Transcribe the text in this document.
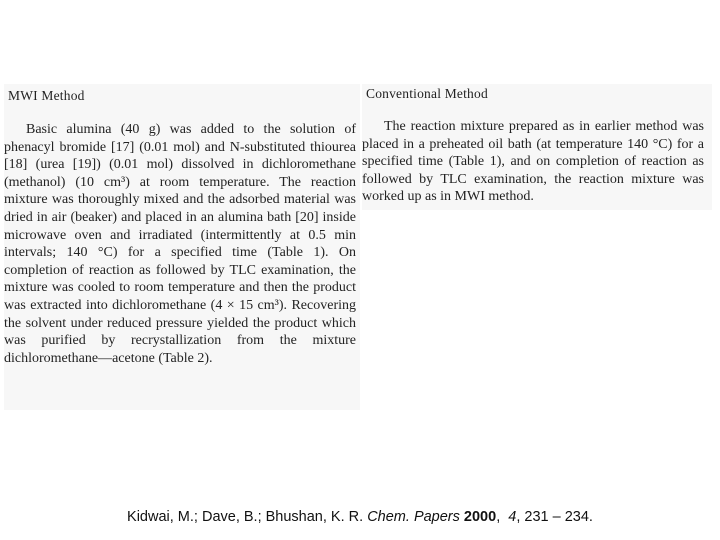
MWI Method
Basic alumina (40 g) was added to the solution of phenacyl bromide [17] (0.01 mol) and N-substituted thiourea [18] (urea [19]) (0.01 mol) dissolved in dichloromethane (methanol) (10 cm³) at room temperature. The reaction mixture was thoroughly mixed and the adsorbed material was dried in air (beaker) and placed in an alumina bath [20] inside microwave oven and irradiated (intermittently at 0.5 min intervals; 140 °C) for a specified time (Table 1). On completion of reaction as followed by TLC examination, the mixture was cooled to room temperature and then the product was extracted into dichloromethane (4 × 15 cm³). Recovering the solvent under reduced pressure yielded the product which was purified by recrystallization from the mixture dichloromethane—acetone (Table 2).
Conventional Method
The reaction mixture prepared as in earlier method was placed in a preheated oil bath (at temperature 140 °C) for a specified time (Table 1), and on completion of reaction as followed by TLC examination, the reaction mixture was worked up as in MWI method.
Kidwai, M.; Dave, B.; Bhushan, K. R. Chem. Papers 2000,  4, 231 – 234.
